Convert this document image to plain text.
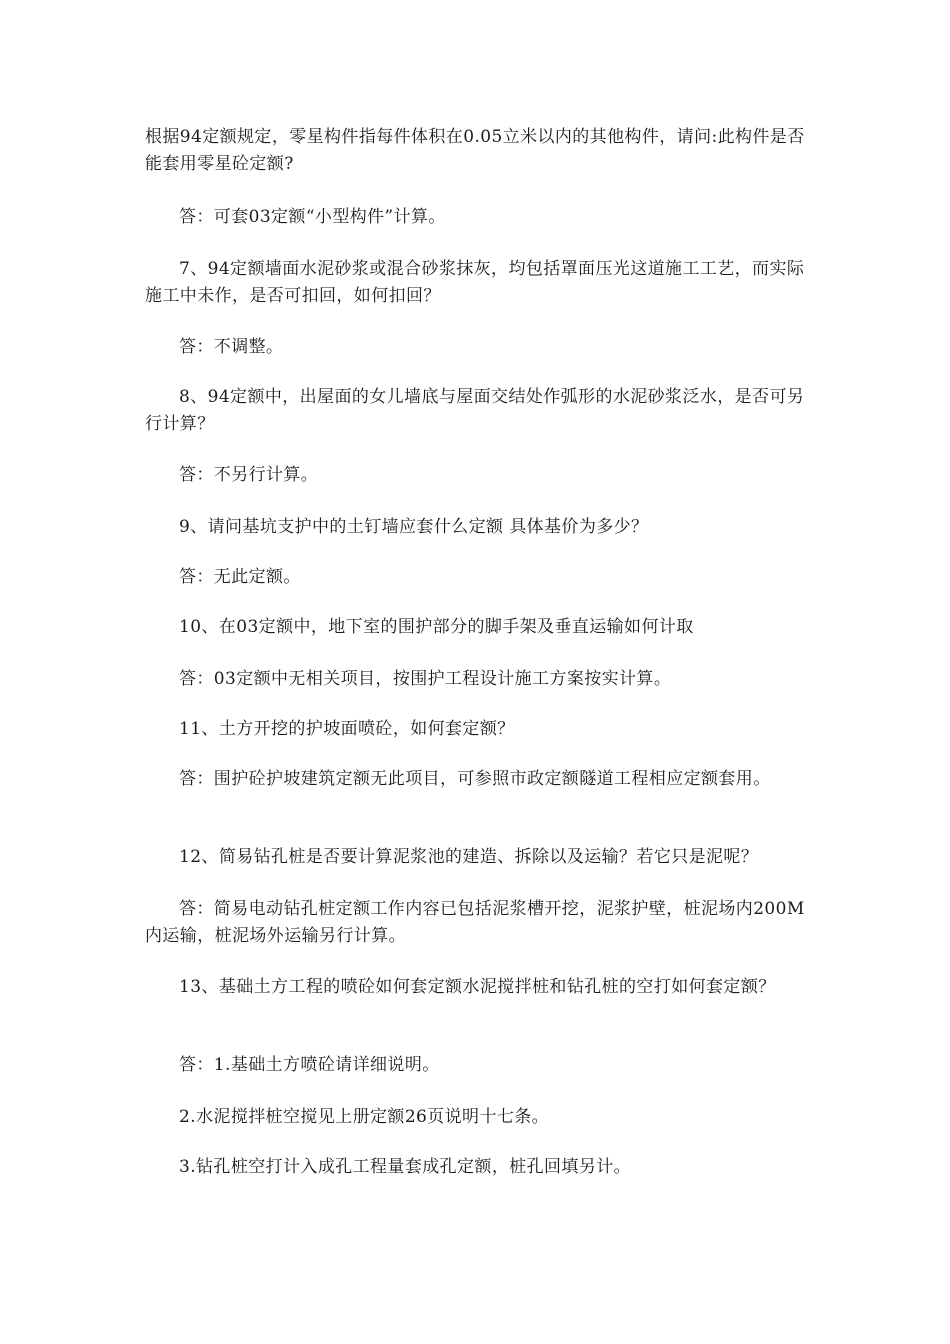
根据94定额规定，零星构件指每件体积在0.05立米以内的其他构件，请问:此构件是否能套用零星砼定额?

答：可套03定额“小型构件”计算。

7、94定额墙面水泥砂浆或混合砂浆抹灰，均包括罩面压光这道施工工艺，而实际施工中未作，是否可扣回，如何扣回？

答：不调整。

8、94定额中，出屋面的女儿墙底与屋面交结处作弧形的水泥砂浆泛水，是否可另行计算？

答：不另行计算。

9、请问基坑支护中的土钉墙应套什么定额 具体基价为多少？

答：无此定额。

10、在03定额中，地下室的围护部分的脚手架及垂直运输如何计取

答：03定额中无相关项目，按围护工程设计施工方案按实计算。

11、土方开挖的护坡面喷砼，如何套定额？

答：围护砼护坡建筑定额无此项目，可参照市政定额隧道工程相应定额套用。

12、简易钻孔桩是否要计算泥浆池的建造、拆除以及运输？若它只是泥呢？

答：简易电动钻孔桩定额工作内容已包括泥浆槽开挖，泥浆护壁，桩泥场内200M内运输，桩泥场外运输另行计算。

13、基础土方工程的喷砼如何套定额水泥搅拌桩和钻孔桩的空打如何套定额？

答：1.基础土方喷砼请详细说明。

2.水泥搅拌桩空搅见上册定额26页说明十七条。

3.钻孔桩空打计入成孔工程量套成孔定额，桩孔回填另计。
